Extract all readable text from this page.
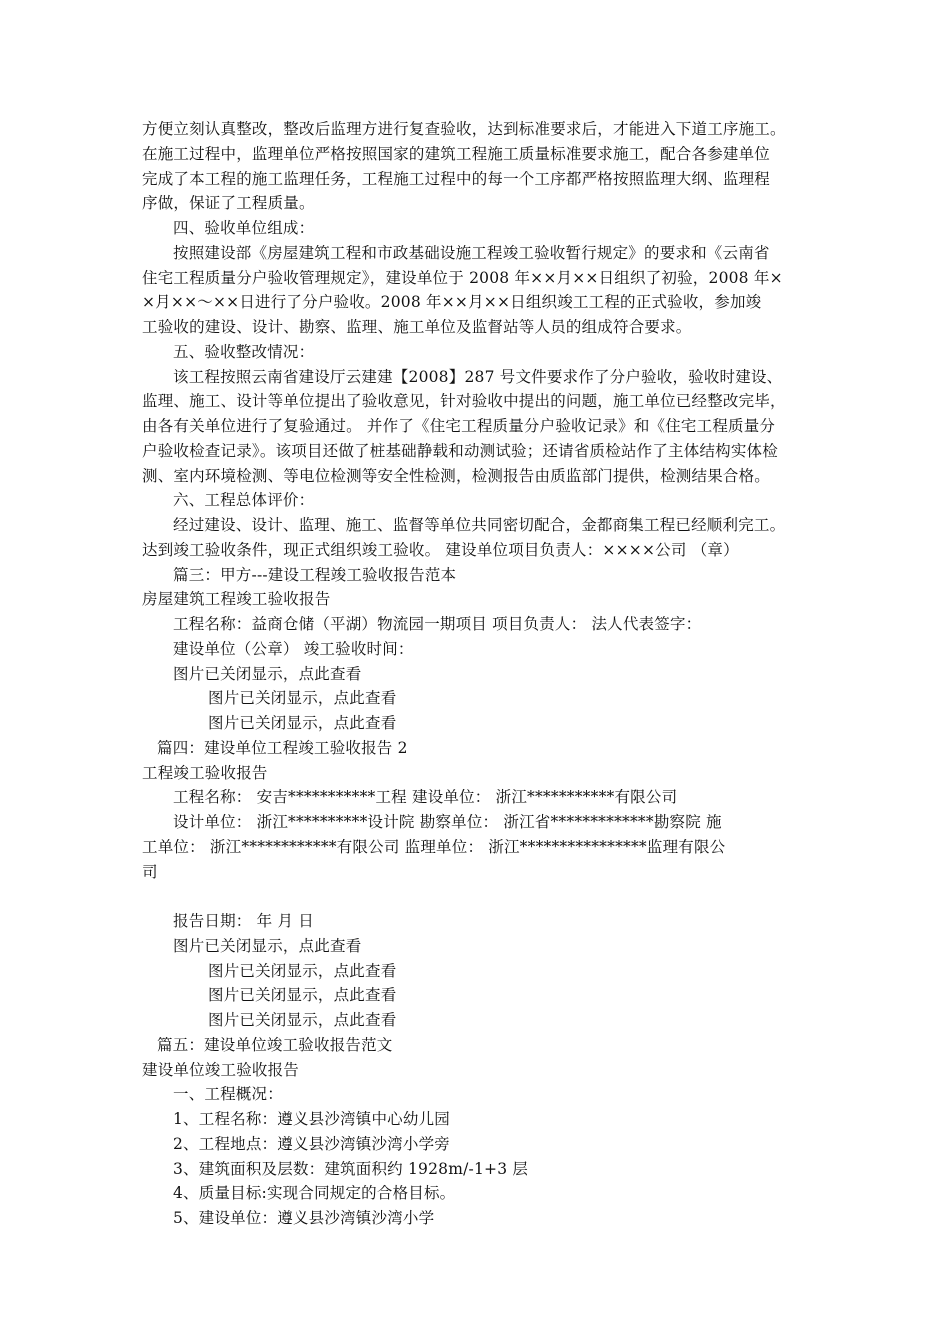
方便立刻认真整改，整改后监理方进行复查验收，达到标准要求后，才能进入下道工序施工。
在施工过程中，监理单位严格按照国家的建筑工程施工质量标准要求施工，配合各参建单位
完成了本工程的施工监理任务，工程施工过程中的每一个工序都严格按照监理大纲、监理程
序做，保证了工程质量。
四、验收单位组成：
按照建设部《房屋建筑工程和市政基础设施工程竣工验收暂行规定》的要求和《云南省
住宅工程质量分户验收管理规定》，建设单位于 2008 年××月××日组织了初验，2008 年×
×月××～××日进行了分户验收。2008 年××月××日组织竣工工程的正式验收，参加竣
工验收的建设、设计、勘察、监理、施工单位及监督站等人员的组成符合要求。
五、验收整改情况：
该工程按照云南省建设厅云建建【2008】287 号文件要求作了分户验收，验收时建设、
监理、施工、设计等单位提出了验收意见，针对验收中提出的问题，施工单位已经整改完毕，
由各有关单位进行了复验通过。 并作了《住宅工程质量分户验收记录》和《住宅工程质量分
户验收检查记录》。该项目还做了桩基础静载和动测试验；还请省质检站作了主体结构实体检
测、室内环境检测、等电位检测等安全性检测，检测报告由质监部门提供，检测结果合格。
六、工程总体评价：
经过建设、设计、监理、施工、监督等单位共同密切配合，金都商集工程已经顺利完工。
达到竣工验收条件，现正式组织竣工验收。 建设单位项目负责人：××××公司 （章）
篇三：甲方---建设工程竣工验收报告范本
房屋建筑工程竣工验收报告
工程名称：益商仓储（平湖）物流园一期项目 项目负责人： 法人代表签字：
建设单位（公章） 竣工验收时间：
图片已关闭显示，点此查看
图片已关闭显示，点此查看
图片已关闭显示，点此查看
篇四：建设单位工程竣工验收报告 2
工程竣工验收报告
工程名称： 安吉***********工程 建设单位： 浙江***********有限公司
设计单位： 浙江**********设计院 勘察单位： 浙江省*************勘察院 施
工单位： 浙江************有限公司 监理单位： 浙江****************监理有限公
司
报告日期： 年 月 日
图片已关闭显示，点此查看
图片已关闭显示，点此查看
图片已关闭显示，点此查看
图片已关闭显示，点此查看
篇五：建设单位竣工验收报告范文
建设单位竣工验收报告
一、工程概况：
1、工程名称：遵义县沙湾镇中心幼儿园
2、工程地点：遵义县沙湾镇沙湾小学旁
3、建筑面积及层数：建筑面积约 1928m/-1+3 层
4、质量目标:实现合同规定的合格目标。
5、建设单位：遵义县沙湾镇沙湾小学
